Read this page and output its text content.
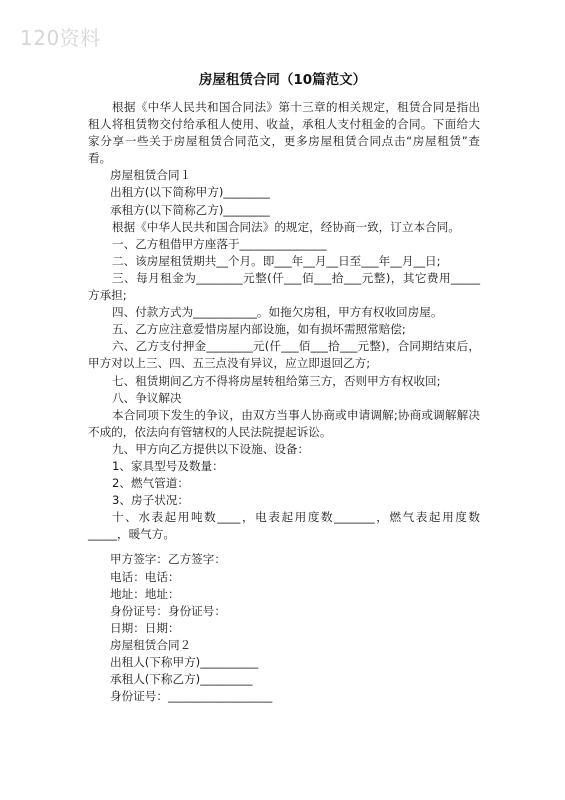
120资料
房屋租赁合同（10篇范文）

根据《中华人民共和国合同法》第十三章的相关规定，租赁合同是指出租人将租赁物交付给承租人使用、收益，承租人支付租金的合同。下面给大家分享一些关于房屋租赁合同范文，更多房屋租赁合同点击“房屋租赁”查看。

房屋租赁合同１

出租方(以下简称甲方)________

承租方(以下简称乙方)________

根据《中华人民共和国合同法》的规定，经协商一致，订立本合同。

一、乙方租借甲方座落于_______________

二、该房屋租赁期共__个月。即___年__月__日至___年__月__日;

三、每月租金为________元整(仟___佰___拾___元整)，其它费用_____方承担;

四、付款方式为___________。如拖欠房租，甲方有权收回房屋。

五、乙方应注意爱惜房屋内部设施，如有损坏需照常赔偿;

六、乙方支付押金________元(仟___佰___拾___元整)，合同期结束后，甲方对以上三、四、五三点没有异议，应立即退回乙方;

七、租赁期间乙方不得将房屋转租给第三方，否则甲方有权收回;

八、争议解决

本合同项下发生的争议，由双方当事人协商或申请调解;协商或调解解决不成的，依法向有管辖权的人民法院提起诉讼。

九、甲方向乙方提供以下设施、设备：

1、家具型号及数量：

2、燃气管道：

3、房子状况：

十、水表起用吨数____，电表起用度数_______，燃气表起用度数_____，暖气方。

甲方签字：乙方签字：

电话：电话：

地址：地址：

身份证号：身份证号：

日期：日期：

房屋租赁合同２

出租人(下称甲方)__________

承租人(下称乙方)_________

身份证号：__________________
